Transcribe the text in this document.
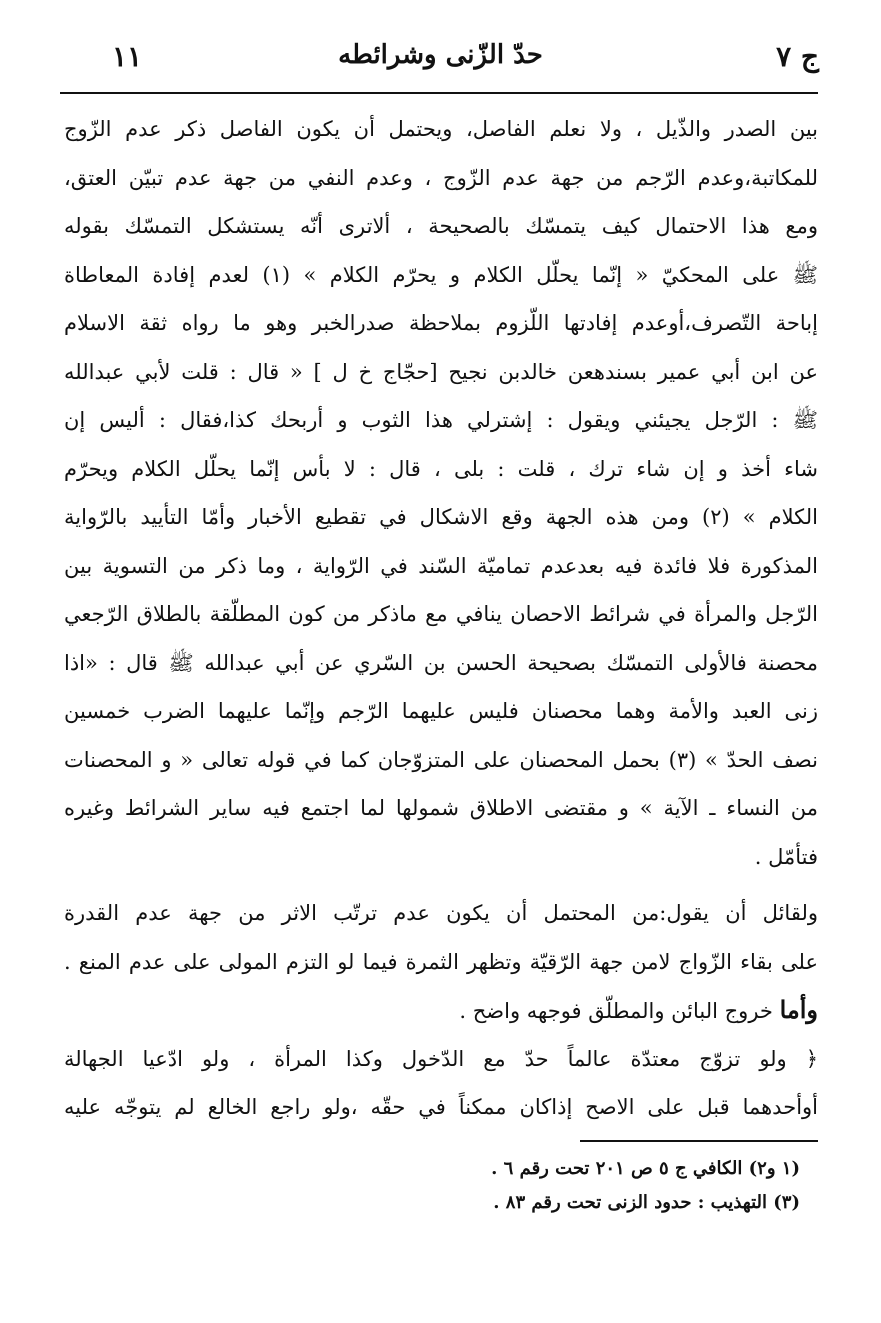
ج ٧
حدّ الزّنى وشرائطه
١١
بين الصدر والذّيل ، ولا نعلم الفاصل، ويحتمل أن يكون الفاصل ذكر عدم الزّوج
للمكاتبة،وعدم الرّجم من جهة عدم الزّوج ، وعدم النفي من جهة عدم تبيّن العتق،
ومع هذا الاحتمال كيف يتمسّك بالصحيحة ، ألاترى أنّه يستشكل التمسّك بقوله
ﷺ على المحكيّ « إنّما يحلّل الكلام و يحرّم الكلام » (١) لعدم إفادة المعاطاة
إباحة التّصرف،أوعدم إفادتها اللّزوم بملاحظة صدرالخبر وهو ما رواه ثقة الاسلام
عن ابن أبي عمير بسندهعن خالدبن نجيح [حجّاج خ ل ] « قال : قلت لأبي عبدالله
ﷺ : الرّجل يجيئني ويقول : إشترلي هذا الثوب و أربحك كذا،فقال : أليس إن
شاء أخذ و إن شاء ترك ، قلت : بلى ، قال : لا بأس إنّما يحلّل الكلام ويحرّم
الكلام » (٢) ومن هذه الجهة وقع الاشكال في تقطيع الأخبار وأمّا التأييد بالرّواية
المذكورة فلا فائدة فيه بعدعدم تماميّة السّند في الرّواية ، وما ذكر من التسوية بين
الرّجل والمرأة في شرائط الاحصان ينافي مع ماذكر من كون المطلّقة بالطلاق الرّجعي
محصنة فالأولى التمسّك بصحيحة الحسن بن السّري عن أبي عبدالله ﷺ قال : «اذا
زنى العبد والأمة وهما محصنان فليس عليهما الرّجم وإنّما عليهما الضرب خمسين
نصف الحدّ » (٣) بحمل المحصنان على المتزوّجان كما في قوله تعالى « و المحصنات
من النساء ـ الآية » و مقتضى الاطلاق شمولها لما اجتمع فيه ساير الشرائط وغيره
فتأمّل .
ولقائل أن يقول:من المحتمل أن يكون عدم ترتّب الاثر من جهة عدم القدرة
على بقاء الزّواج لامن جهة الرّقيّة وتظهر الثمرة فيما لو التزم المولى على عدم المنع .
وأما خروج البائن والمطلّق فوجهه واضح .
﴿ ولو تزوّج معتدّة عالماً حدّ مع الدّخول وكذا المرأة ، ولو ادّعيا الجهالة
أوأحدهما قبل على الاصح إذاكان ممكناً في حقّه ،ولو راجع الخالع لم يتوجّه عليه
(١ و٢) الكافي ج ٥ ص ٢٠١ تحت رقم ٦ .
(٣) التهذيب : حدود الزنى تحت رقم ٨٣ .
